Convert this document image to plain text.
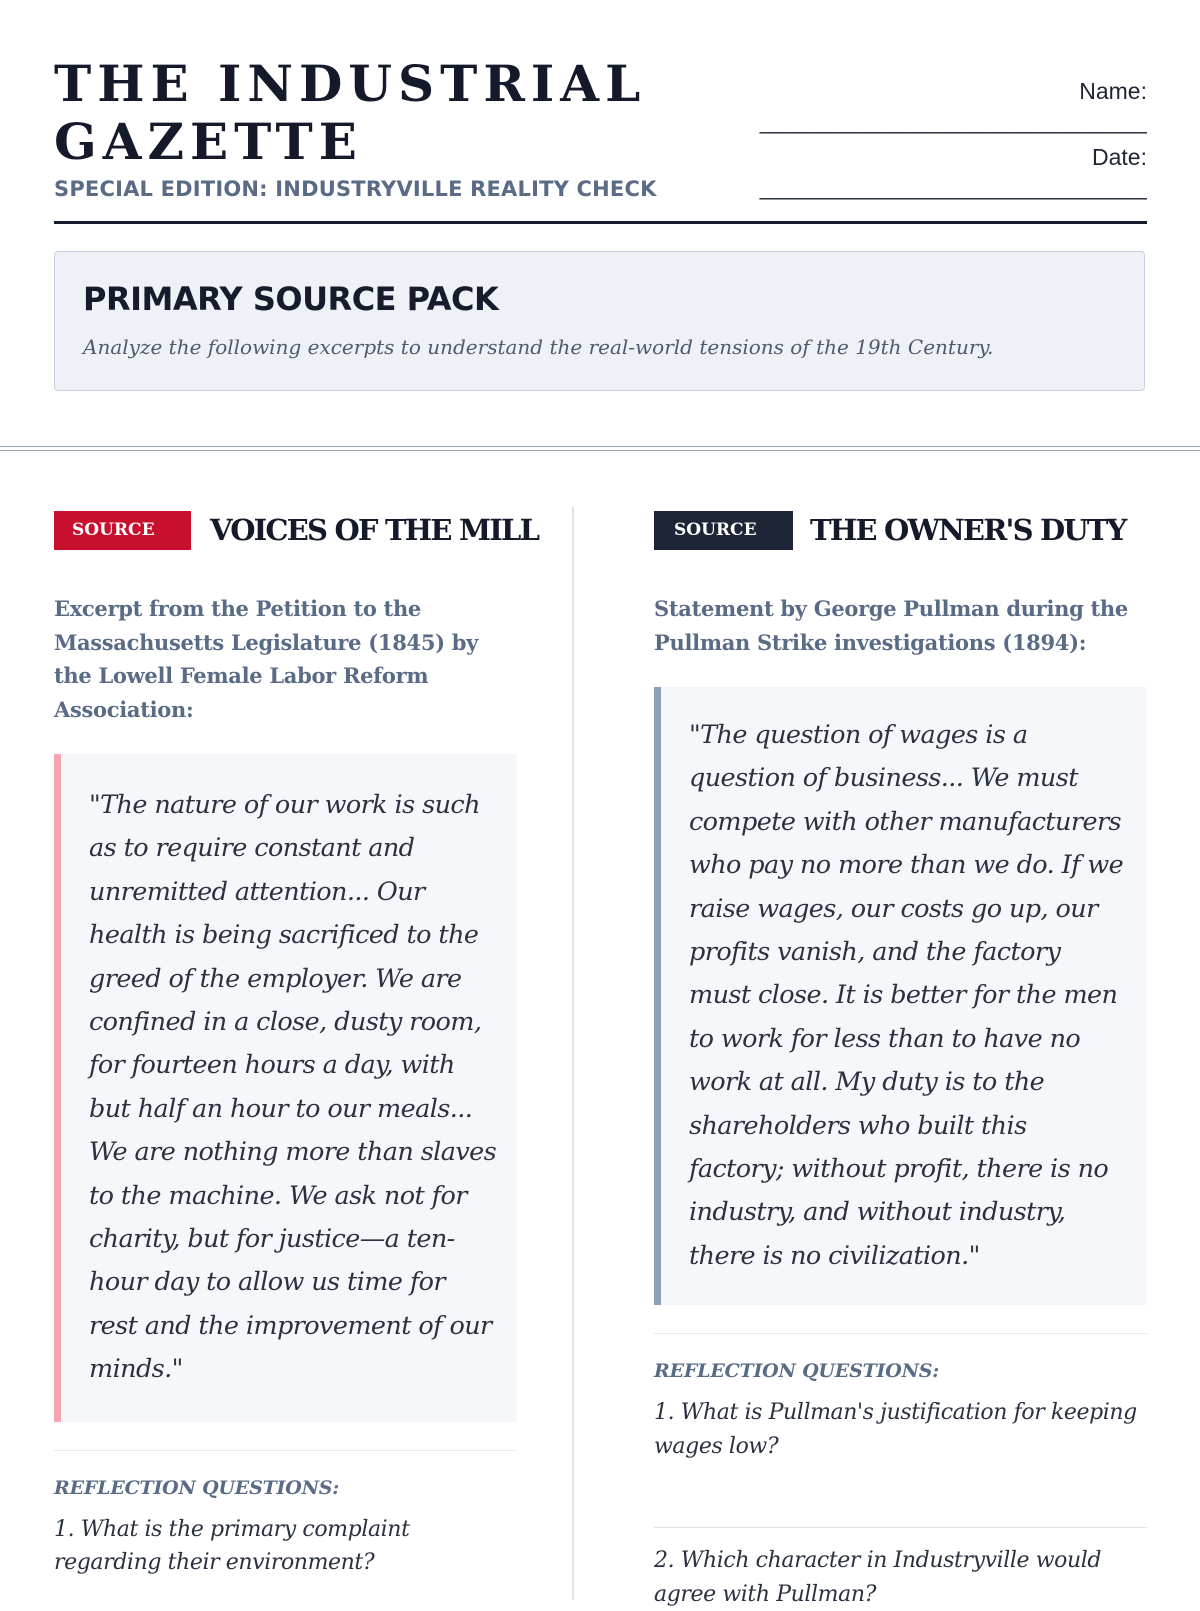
THE INDUSTRIAL
GAZETTE
SPECIAL EDITION: INDUSTRYVILLE REALITY CHECK
Name:
_________________________________
Date:
_________________________________
PRIMARY SOURCE PACK
Analyze the following excerpts to understand the real-world tensions of the 19th Century.
SOURCE A
VOICES OF THE MILL
Excerpt from the Petition to the Massachusetts Legislature (1845) by the Lowell Female Labor Reform Association:
"The nature of our work is such as to require constant and unremitted attention... Our health is being sacrificed to the greed of the employer. We are confined in a close, dusty room, for fourteen hours a day, with but half an hour to our meals... We are nothing more than slaves to the machine. We ask not for charity, but for justice—a ten-hour day to allow us time for rest and the improvement of our minds."
REFLECTION QUESTIONS:
1. What is the primary complaint regarding their environment?
SOURCE B
THE OWNER'S DUTY
Statement by George Pullman during the Pullman Strike investigations (1894):
"The question of wages is a question of business... We must compete with other manufacturers who pay no more than we do. If we raise wages, our costs go up, our profits vanish, and the factory must close. It is better for the men to work for less than to have no work at all. My duty is to the shareholders who built this factory; without profit, there is no industry, and without industry, there is no civilization."
REFLECTION QUESTIONS:
1. What is Pullman's justification for keeping wages low?
2. Which character in Industryville would agree with Pullman?
